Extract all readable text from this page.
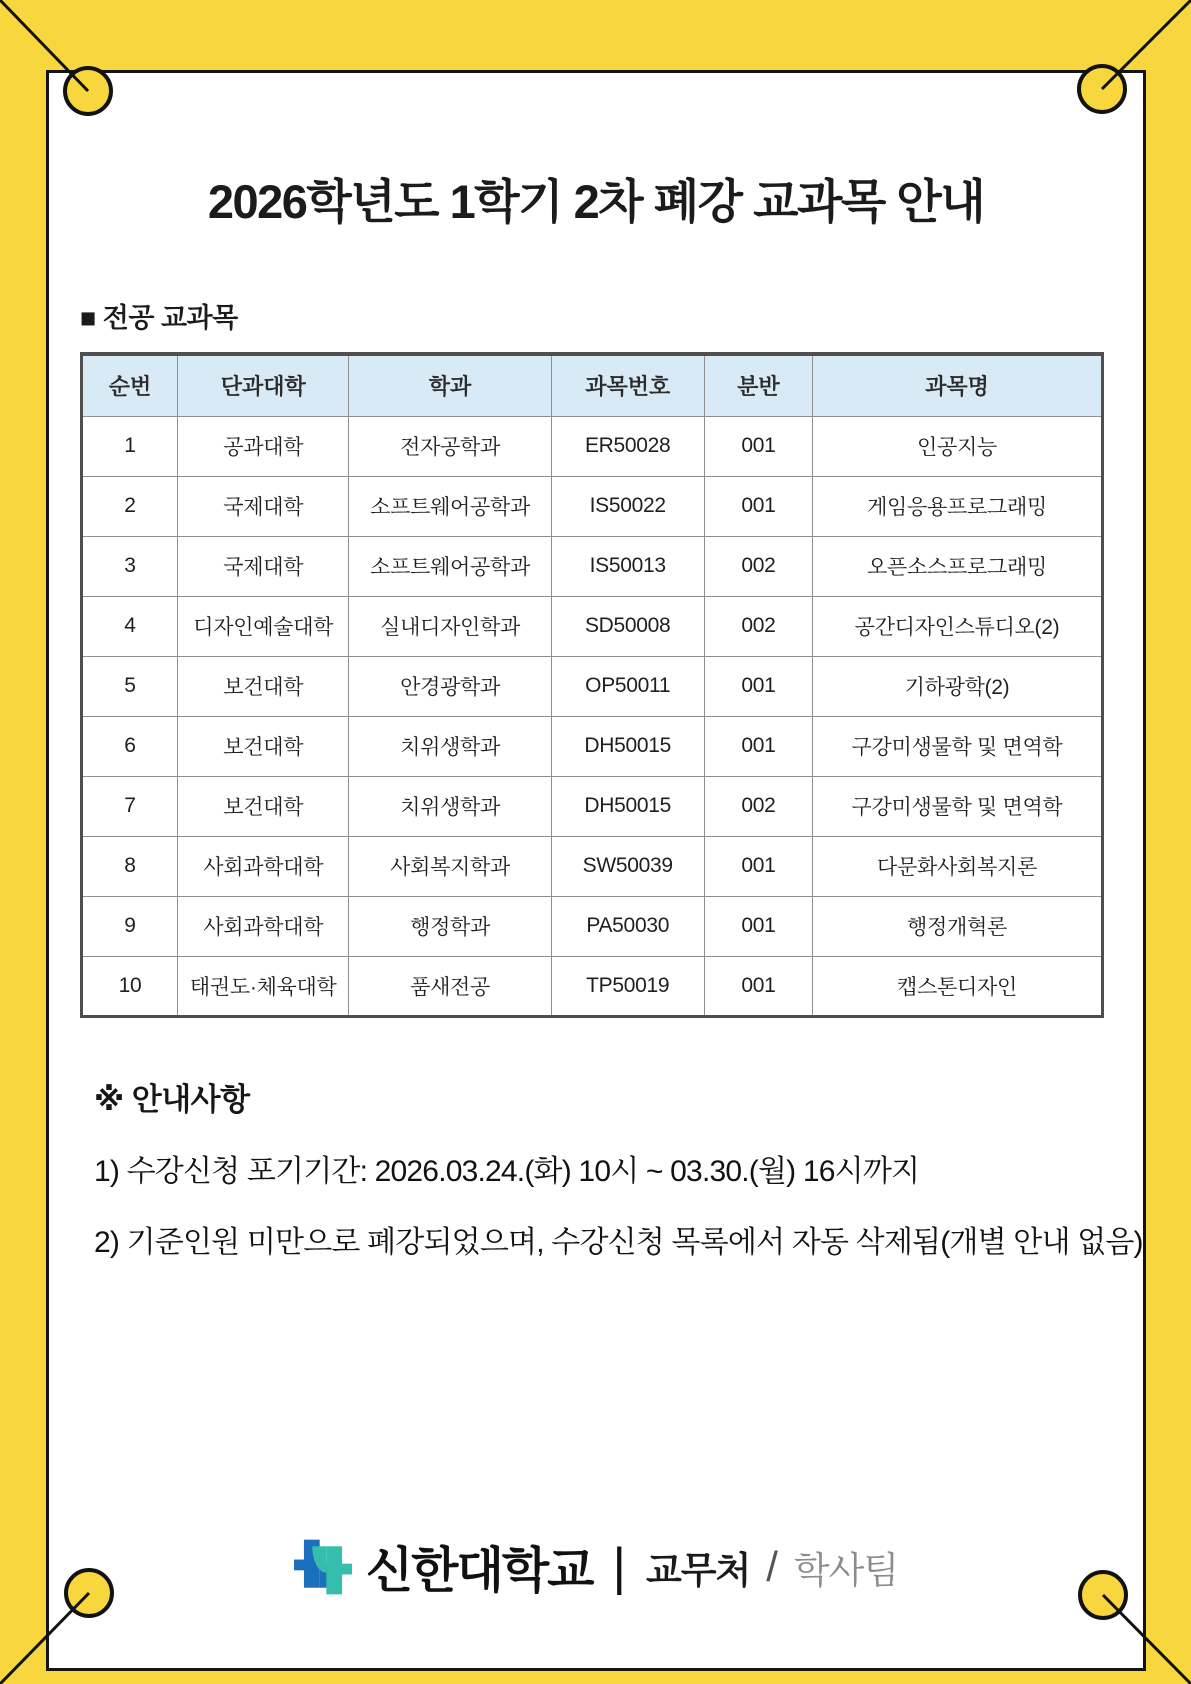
2026학년도 1학기 2차 폐강 교과목 안내
■ 전공 교과목
순번	단과대학	학과	과목번호	분반	과목명
1	공과대학	전자공학과	ER50028	001	인공지능
2	국제대학	소프트웨어공학과	IS50022	001	게임응용프로그래밍
3	국제대학	소프트웨어공학과	IS50013	002	오픈소스프로그래밍
4	디자인예술대학	실내디자인학과	SD50008	002	공간디자인스튜디오(2)
5	보건대학	안경광학과	OP50011	001	기하광학(2)
6	보건대학	치위생학과	DH50015	001	구강미생물학 및 면역학
7	보건대학	치위생학과	DH50015	002	구강미생물학 및 면역학
8	사회과학대학	사회복지학과	SW50039	001	다문화사회복지론
9	사회과학대학	행정학과	PA50030	001	행정개혁론
10	태권도·체육대학	품새전공	TP50019	001	캡스톤디자인
※ 안내사항
1) 수강신청 포기기간: 2026.03.24.(화) 10시 ~ 03.30.(월) 16시까지
2) 기준인원 미만으로 폐강되었으며, 수강신청 목록에서 자동 삭제됨(개별 안내 없음)
신한대학교 | 교무처 / 학사팀
